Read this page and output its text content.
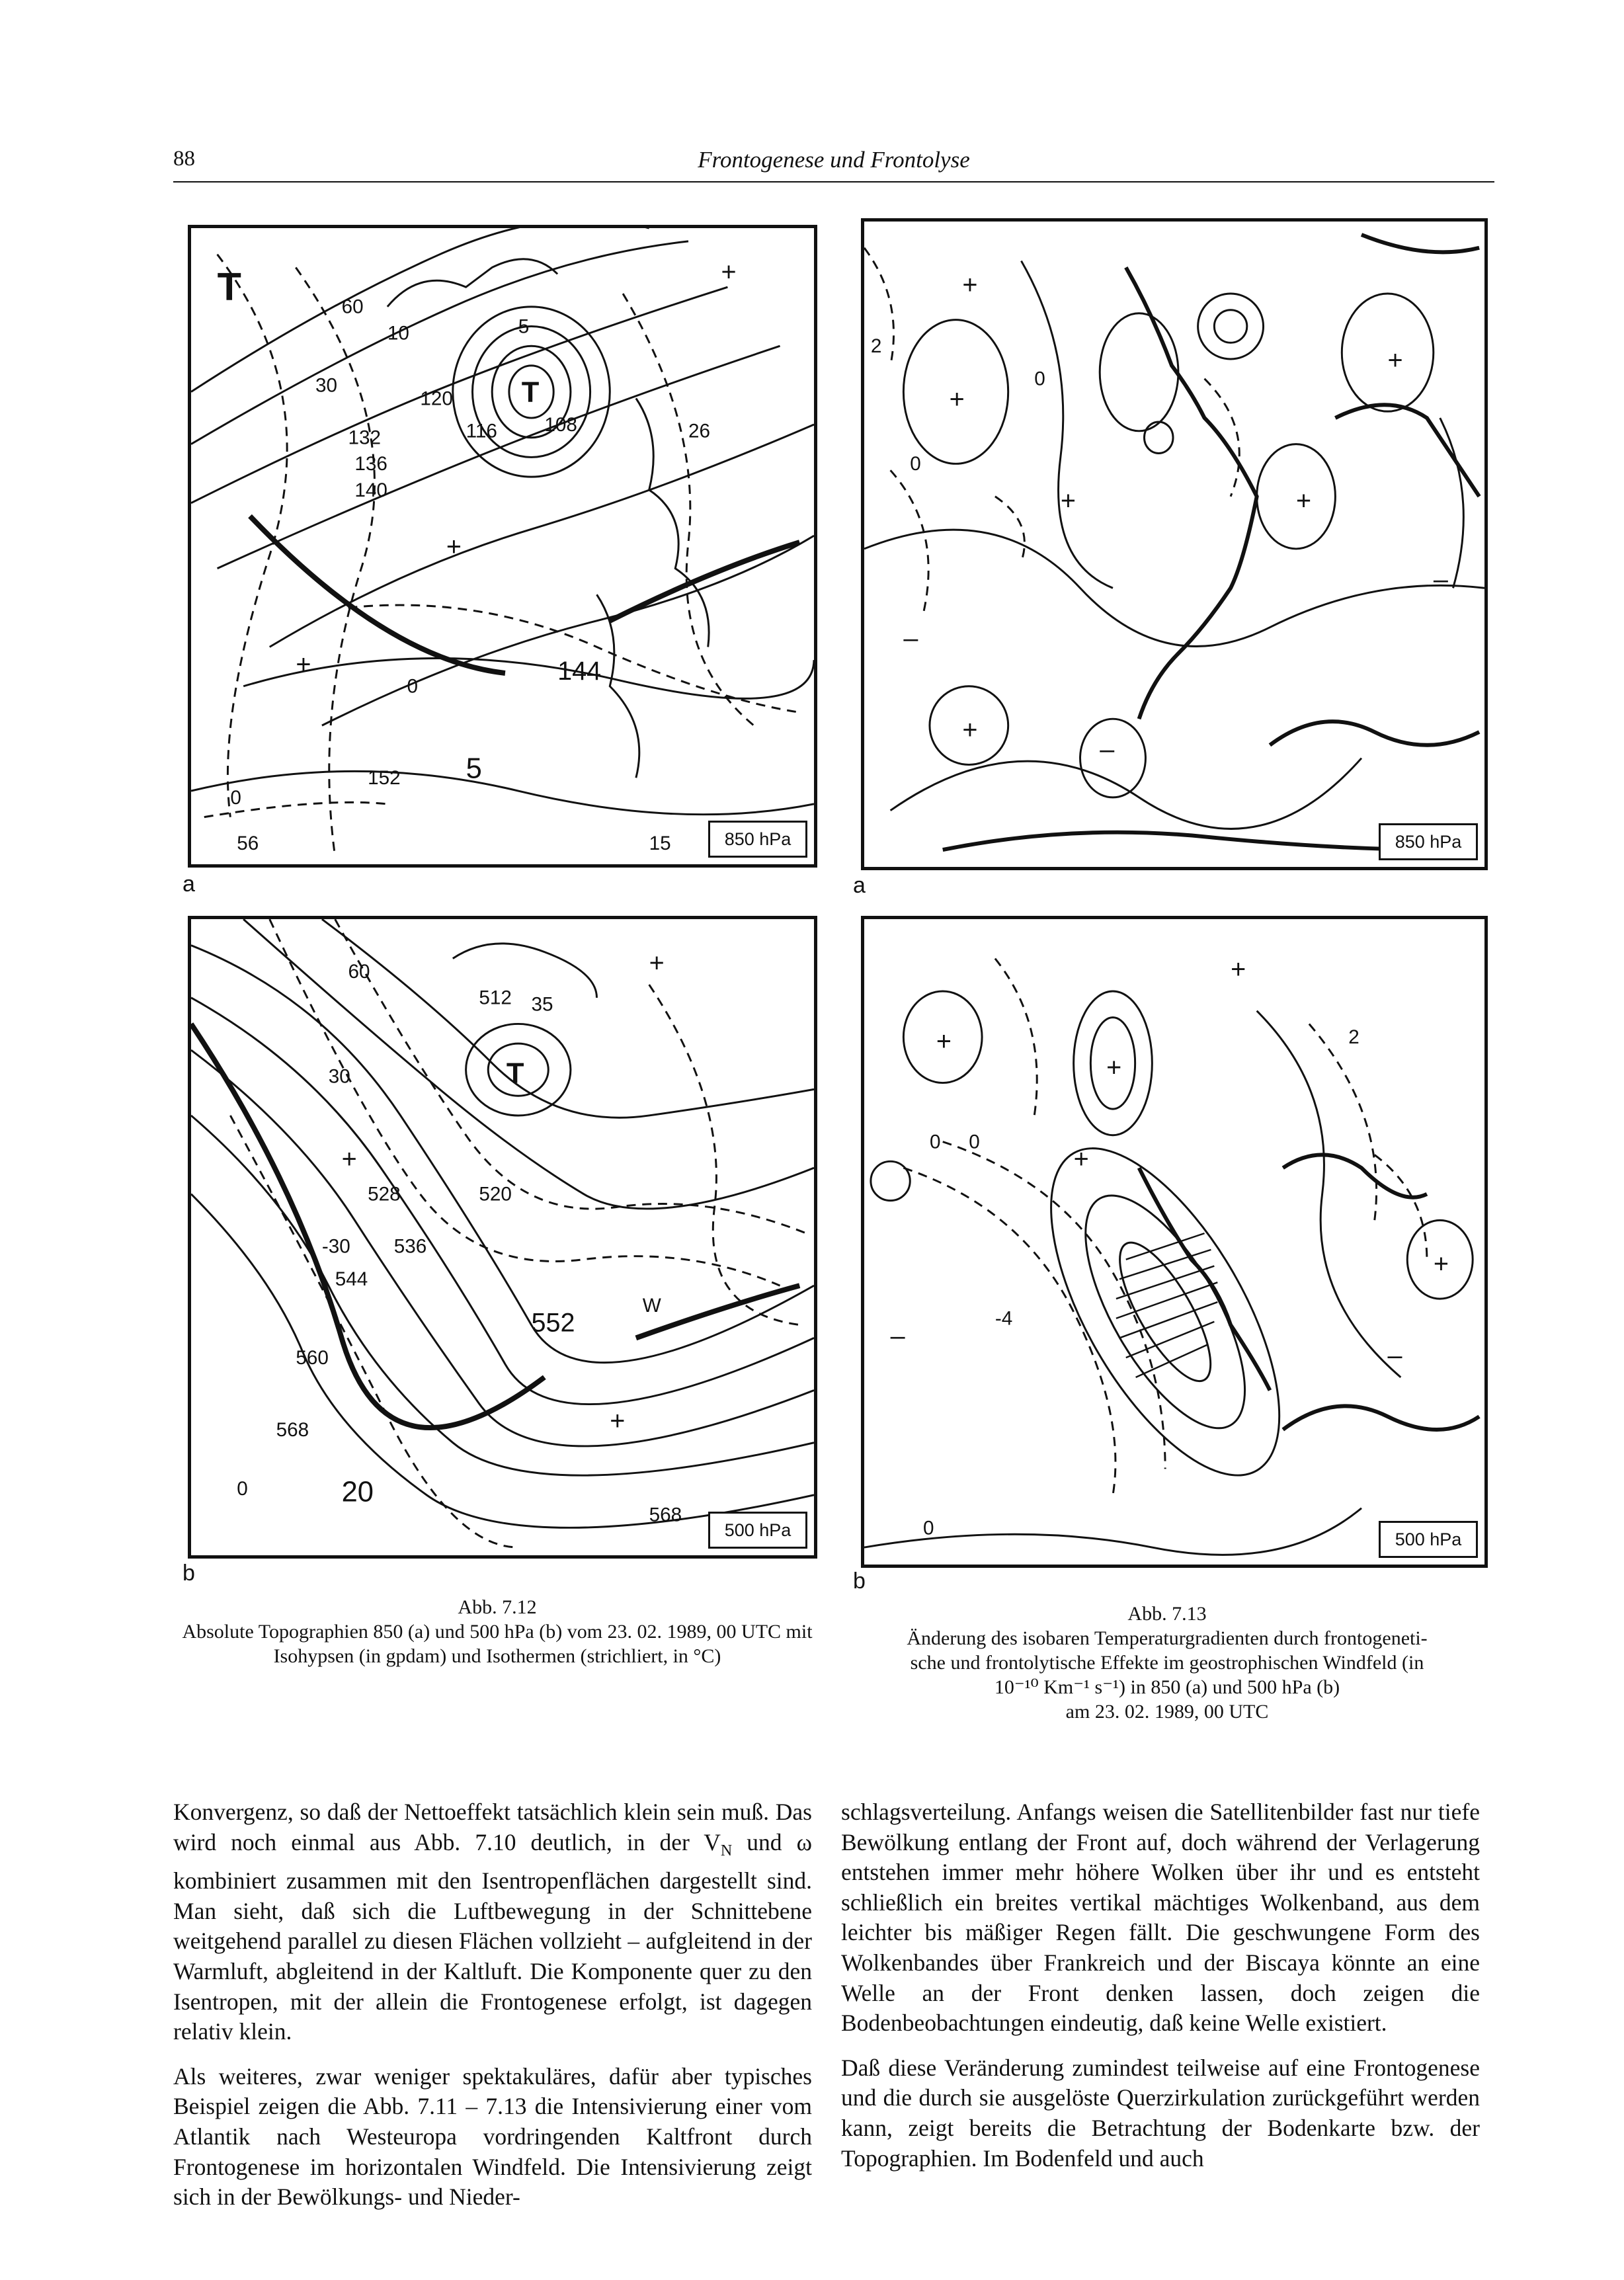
88	Frontogenese und Frontolyse
T
T
+
+
+
60
30
132
136
140
120
116 108
10	5
26
144
0
5
152
56	15
0
850 hPa
a
T
+
+
+
60
512 35
30
528
536
520
544
552
560
568
-30
20
0
W
568
500 hPa
b
+
+
+	+
+
+
–
–
–
2
0
0
850 hPa
a
+
+
+
+
+
–
–
0
2
0
-4
0
500 hPa
b
Abb. 7.12
Absolute Topographien 850 (a) und 500 hPa (b) vom 23. 02. 1989, 00 UTC mit Isohypsen (in gpdam) und Isothermen (strichliert, in °C)
Abb. 7.13
Änderung des isobaren Temperaturgradienten durch frontogeneti-
sche und frontolytische Effekte im geostrophischen Windfeld (in
10⁻¹⁰ Km⁻¹ s⁻¹) in 850 (a) und 500 hPa (b)
am 23. 02. 1989, 00 UTC

Konvergenz, so daß der Nettoeffekt tatsächlich klein sein muß. Das wird noch einmal aus Abb. 7.10 deutlich, in der $V_N$ und ω kombiniert zusammen mit den Isentropenflächen dargestellt sind. Man sieht, daß sich die Luftbewegung in der Schnittebene weitgehend parallel zu diesen Flächen vollzieht – aufgleitend in der Warmluft, abgleitend in der Kaltluft. Die Komponente quer zu den Isentropen, mit der allein die Frontogenese erfolgt, ist dagegen relativ klein.

Als weiteres, zwar weniger spektakuläres, dafür aber typisches Beispiel zeigen die Abb. 7.11 – 7.13 die Intensivierung einer vom Atlantik nach Westeuropa vordringenden Kaltfront durch Frontogenese im horizontalen Windfeld. Die Intensivierung zeigt sich in der Bewölkungs- und Nieder-

schlagsverteilung. Anfangs weisen die Satellitenbilder fast nur tiefe Bewölkung entlang der Front auf, doch während der Verlagerung entstehen immer mehr höhere Wolken über ihr und es entsteht schließlich ein breites vertikal mächtiges Wolkenband, aus dem leichter bis mäßiger Regen fällt. Die geschwungene Form des Wolkenbandes über Frankreich und der Biscaya könnte an eine Welle an der Front denken lassen, doch zeigen die Bodenbeobachtungen eindeutig, daß keine Welle existiert.

Daß diese Veränderung zumindest teilweise auf eine Frontogenese und die durch sie ausgelöste Querzirkulation zurückgeführt werden kann, zeigt bereits die Betrachtung der Bodenkarte bzw. der Topographien. Im Bodenfeld und auch
